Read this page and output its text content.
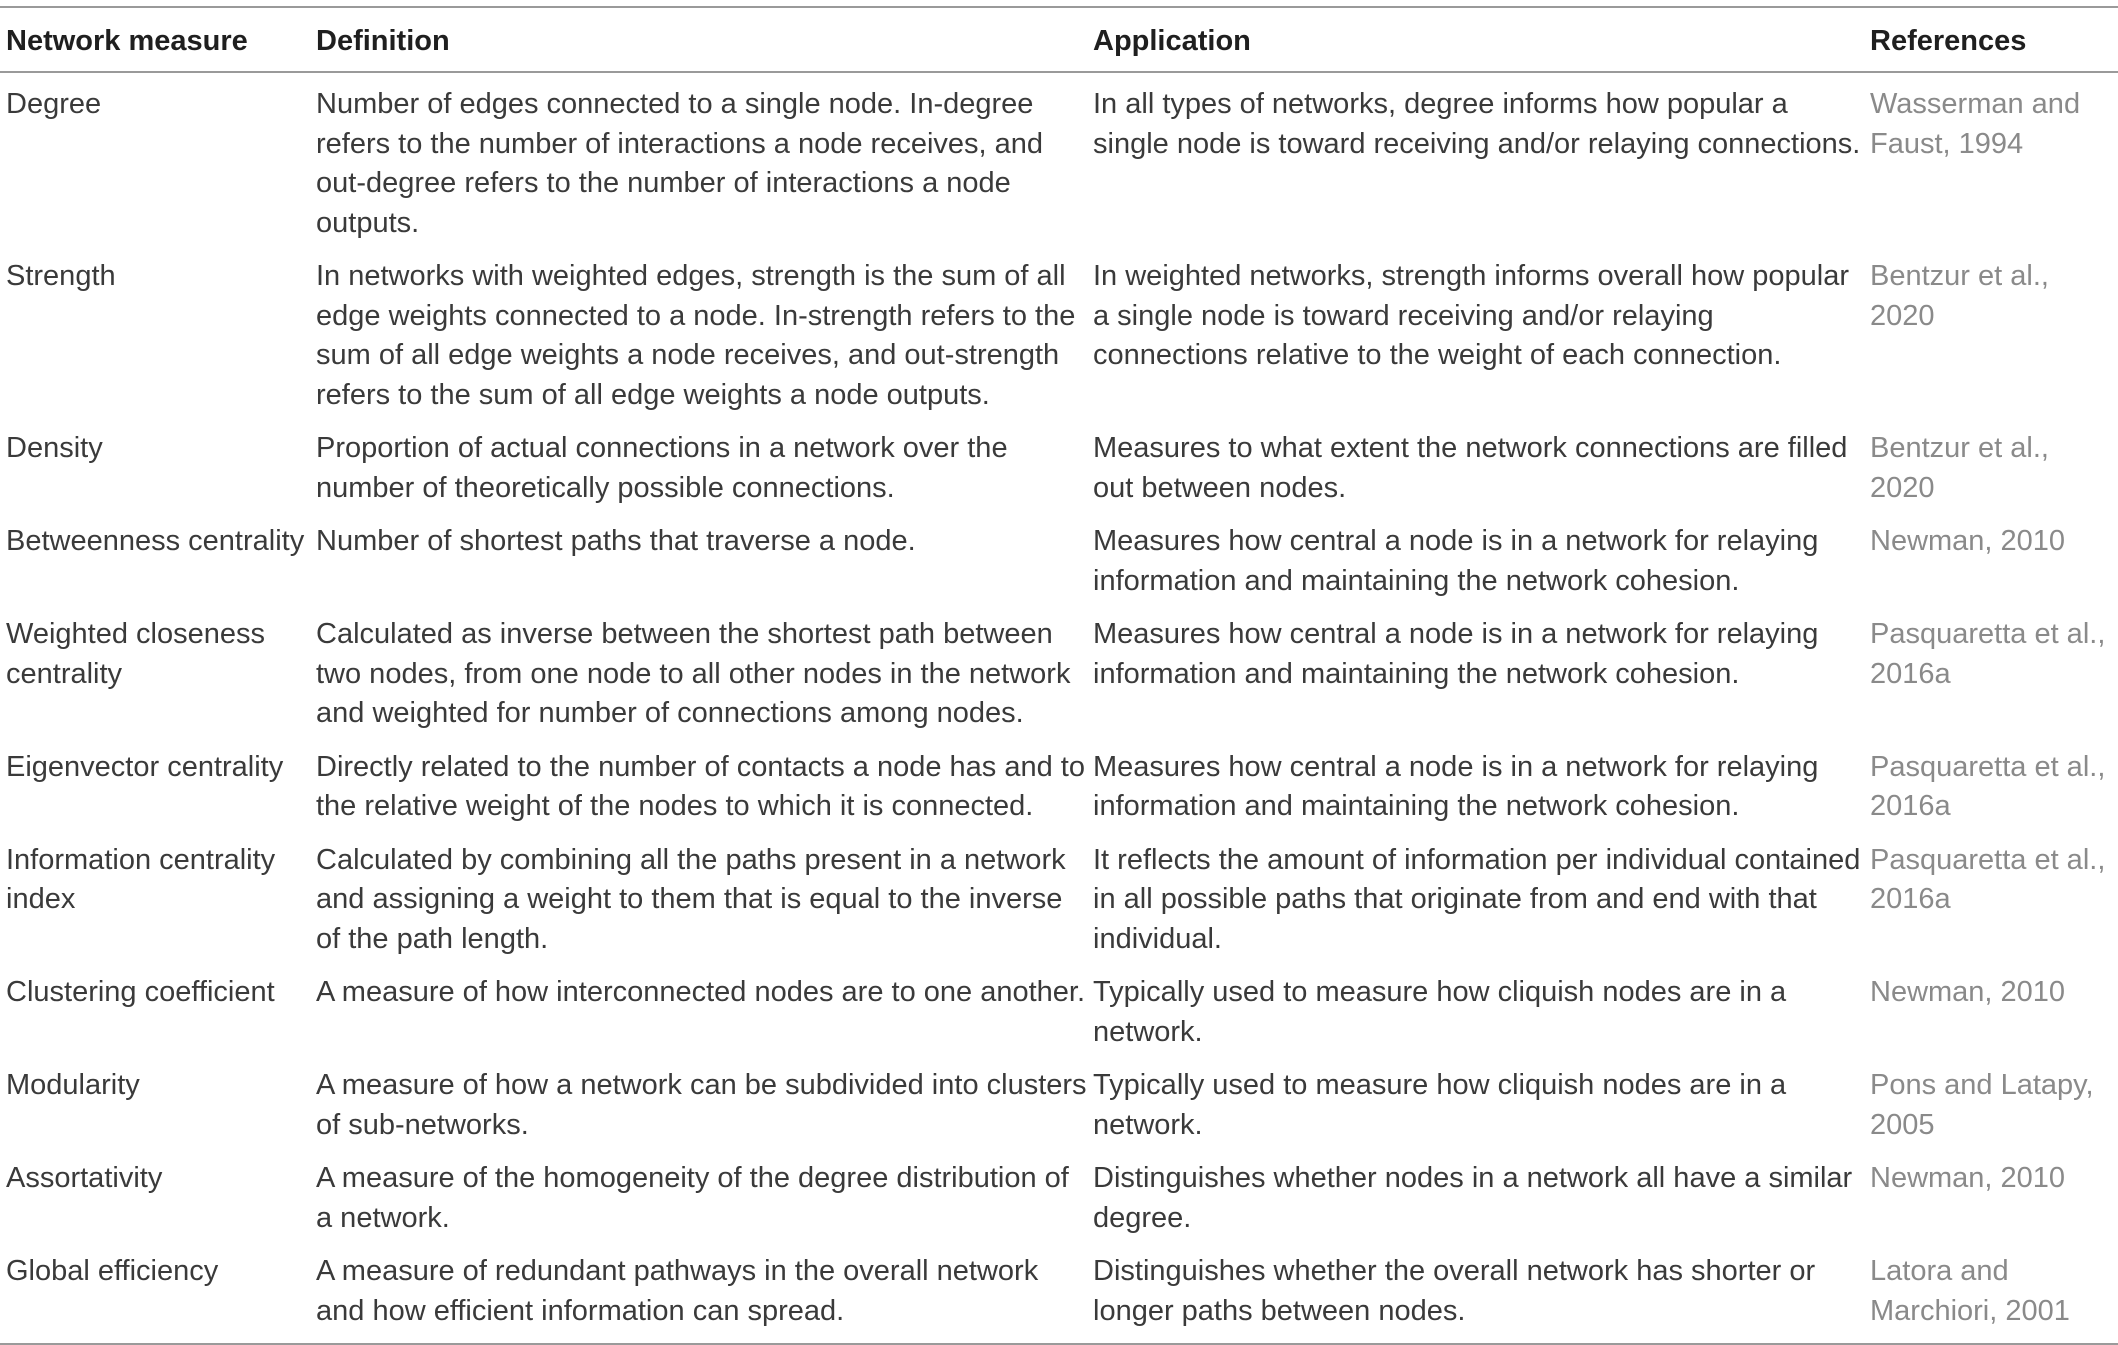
Network measure	Definition	Application	References
Degree	Number of edges connected to a single node. In-degree refers to the number of interactions a node receives, and out-degree refers to the number of interactions a node outputs.	In all types of networks, degree informs how popular a single node is toward receiving and/or relaying connections.	Wasserman and Faust, 1994
Strength	In networks with weighted edges, strength is the sum of all edge weights connected to a node. In-strength refers to the sum of all edge weights a node receives, and out-strength refers to the sum of all edge weights a node outputs.	In weighted networks, strength informs overall how popular a single node is toward receiving and/or relaying connections relative to the weight of each connection.	Bentzur et al., 2020
Density	Proportion of actual connections in a network over the number of theoretically possible connections.	Measures to what extent the network connections are filled out between nodes.	Bentzur et al., 2020
Betweenness centrality	Number of shortest paths that traverse a node.	Measures how central a node is in a network for relaying information and maintaining the network cohesion.	Newman, 2010
Weighted closeness centrality	Calculated as inverse between the shortest path between two nodes, from one node to all other nodes in the network and weighted for number of connections among nodes.	Measures how central a node is in a network for relaying information and maintaining the network cohesion.	Pasquaretta et al., 2016a
Eigenvector centrality	Directly related to the number of contacts a node has and to the relative weight of the nodes to which it is connected.	Measures how central a node is in a network for relaying information and maintaining the network cohesion.	Pasquaretta et al., 2016a
Information centrality index	Calculated by combining all the paths present in a network and assigning a weight to them that is equal to the inverse of the path length.	It reflects the amount of information per individual contained in all possible paths that originate from and end with that individual.	Pasquaretta et al., 2016a
Clustering coefficient	A measure of how interconnected nodes are to one another.	Typically used to measure how cliquish nodes are in a network.	Newman, 2010
Modularity	A measure of how a network can be subdivided into clusters of sub-networks.	Typically used to measure how cliquish nodes are in a network.	Pons and Latapy, 2005
Assortativity	A measure of the homogeneity of the degree distribution of a network.	Distinguishes whether nodes in a network all have a similar degree.	Newman, 2010
Global efficiency	A measure of redundant pathways in the overall network and how efficient information can spread.	Distinguishes whether the overall network has shorter or longer paths between nodes.	Latora and Marchiori, 2001
